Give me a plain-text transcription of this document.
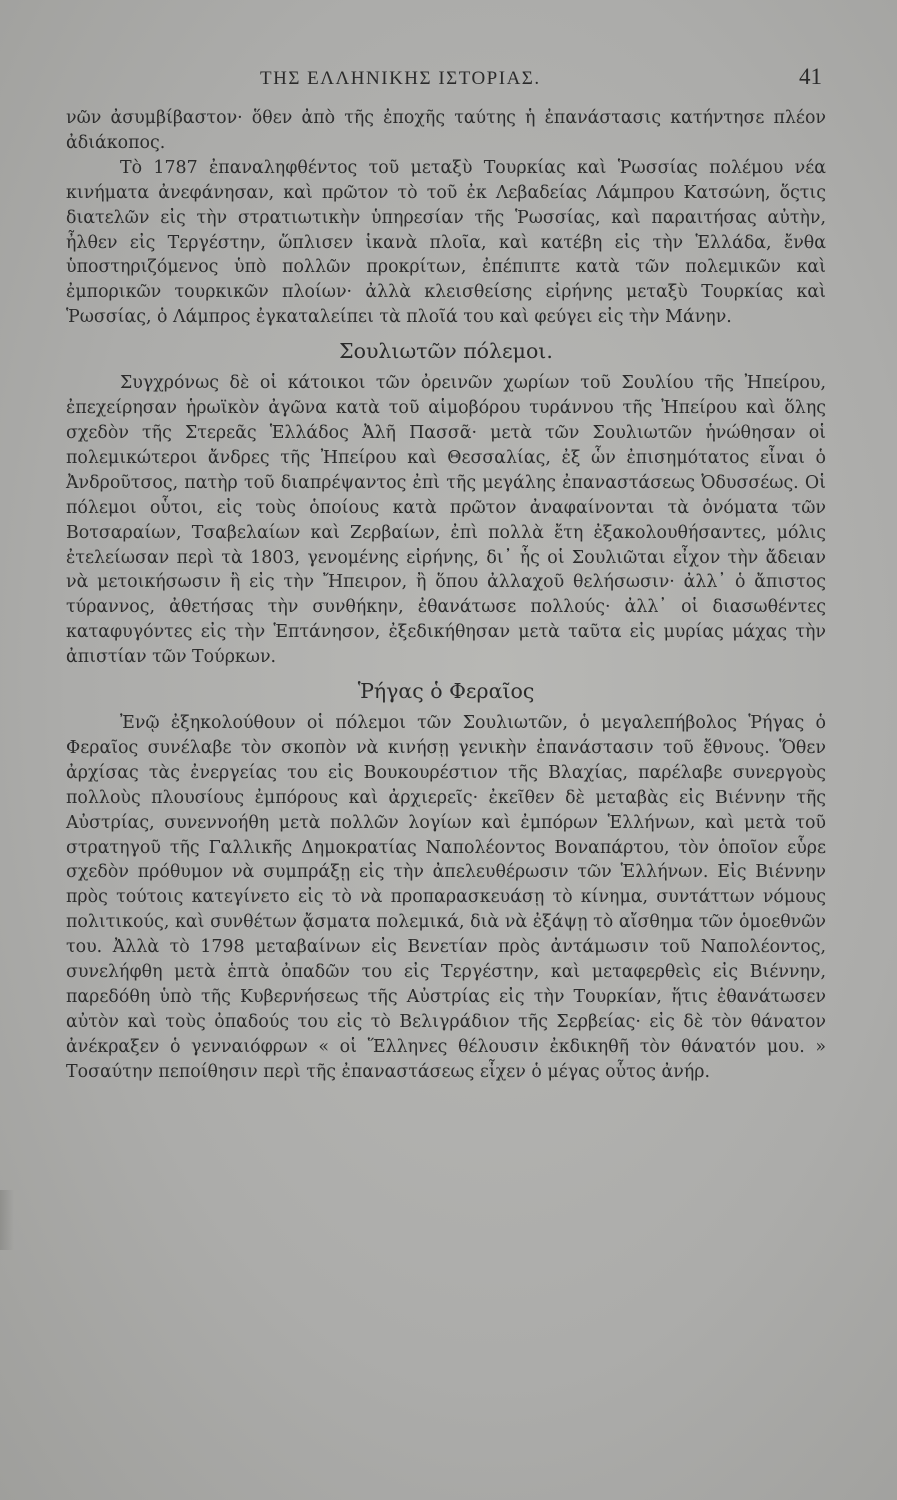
ΤΗΣ ΕΛΛΗΝΙΚΗΣ ΙΣΤΟΡΙΑΣ.	41

νῶν ἀσυμβίβαστον· ὅθεν ἀπὸ τῆς ἐποχῆς ταύτης ἡ ἐπανάστασις κατήντησε πλέον ἀδιάκοπος.

Τὸ 1787 ἐπαναληφθέντος τοῦ μεταξὺ Τουρκίας καὶ Ῥωσσίας πολέμου νέα κινήματα ἀνεφάνησαν, καὶ πρῶτον τὸ τοῦ ἐκ Λεβαδείας Λάμπρου Κατσώνη, ὅςτις διατελῶν εἰς τὴν στρατιωτικὴν ὑπηρεσίαν τῆς Ῥωσσίας, καὶ παραιτήσας αὐτὴν, ἦλθεν εἰς Τεργέστην, ὥπλισεν ἱκανὰ πλοῖα, καὶ κατέβη εἰς τὴν Ἑλλάδα, ἔνθα ὑποστηριζόμενος ὑπὸ πολλῶν προκρίτων, ἐπέπιπτε κατὰ τῶν πολεμικῶν καὶ ἐμπορικῶν τουρκικῶν πλοίων· ἀλλὰ κλεισθείσης εἰρήνης μεταξὺ Τουρκίας καὶ Ῥωσσίας, ὁ Λάμπρος ἐγκαταλείπει τὰ πλοῖά του καὶ φεύγει εἰς τὴν Μάνην.

Σουλιωτῶν πόλεμοι.

Συγχρόνως δὲ οἱ κάτοικοι τῶν ὀρεινῶν χωρίων τοῦ Σουλίου τῆς Ἠπείρου, ἐπεχείρησαν ἡρωϊκὸν ἀγῶνα κατὰ τοῦ αἱμοβόρου τυράννου τῆς Ἠπείρου καὶ ὅλης σχεδὸν τῆς Στερεᾶς Ἑλλάδος Ἀλῆ Πασσᾶ· μετὰ τῶν Σουλιωτῶν ἡνώθησαν οἱ πολεμικώτεροι ἄνδρες τῆς Ἠπείρου καὶ Θεσσαλίας, ἐξ ὧν ἐπισημότατος εἶναι ὁ Ἀνδροῦτσος, πατὴρ τοῦ διαπρέψαντος ἐπὶ τῆς μεγάλης ἐπαναστάσεως Ὀδυσσέως. Οἱ πόλεμοι οὗτοι, εἰς τοὺς ὁποίους κατὰ πρῶτον ἀναφαίνονται τὰ ὀνόματα τῶν Βοτσαραίων, Τσαβελαίων καὶ Ζερβαίων, ἐπὶ πολλὰ ἔτη ἐξακολουθήσαντες, μόλις ἐτελείωσαν περὶ τὰ 1803, γενομένης εἰρήνης, δι᾽ ἧς οἱ Σουλιῶται εἶχον τὴν ἄδειαν νὰ μετοικήσωσιν ἢ εἰς τὴν Ἤπειρον, ἢ ὅπου ἀλλαχοῦ θελήσωσιν· ἀλλ᾽ ὁ ἄπιστος τύραννος, ἀθετήσας τὴν συνθήκην, ἐθανάτωσε πολλούς· ἀλλ᾽ οἱ διασωθέντες καταφυγόντες εἰς τὴν Ἑπτάνησον, ἐξεδικήθησαν μετὰ ταῦτα εἰς μυρίας μάχας τὴν ἀπιστίαν τῶν Τούρκων.

Ῥήγας ὁ Φεραῖος

Ἐνῷ ἐξηκολούθουν οἱ πόλεμοι τῶν Σουλιωτῶν, ὁ μεγαλεπήβολος Ῥήγας ὁ Φεραῖος συνέλαβε τὸν σκοπὸν νὰ κινήσῃ γενικὴν ἐπανάστασιν τοῦ ἔθνους. Ὅθεν ἀρχίσας τὰς ἐνεργείας του εἰς Βουκουρέστιον τῆς Βλαχίας, παρέλαβε συνεργοὺς πολλοὺς πλουσίους ἐμπόρους καὶ ἀρχιερεῖς· ἐκεῖθεν δὲ μεταβὰς εἰς Βιέννην τῆς Αὐστρίας, συνεννοήθη μετὰ πολλῶν λογίων καὶ ἐμπόρων Ἑλλήνων, καὶ μετὰ τοῦ στρατηγοῦ τῆς Γαλλικῆς Δημοκρατίας Ναπολέοντος Βοναπάρτου, τὸν ὁποῖον εὗρε σχεδὸν πρόθυμον νὰ συμπράξῃ εἰς τὴν ἀπελευθέρωσιν τῶν Ἑλλήνων. Εἰς Βιέννην πρὸς τούτοις κατεγίνετο εἰς τὸ νὰ προπαρασκευάσῃ τὸ κίνημα, συντάττων νόμους πολιτικούς, καὶ συνθέτων ᾄσματα πολεμικά, διὰ νὰ ἐξάψῃ τὸ αἴσθημα τῶν ὁμοεθνῶν του. Ἀλλὰ τὸ 1798 μεταβαίνων εἰς Βενετίαν πρὸς ἀντάμωσιν τοῦ Ναπολέοντος, συνελήφθη μετὰ ἑπτὰ ὀπαδῶν του εἰς Τεργέστην, καὶ μεταφερθεὶς εἰς Βιέννην, παρεδόθη ὑπὸ τῆς Κυβερνήσεως τῆς Αὐστρίας εἰς τὴν Τουρκίαν, ἥτις ἐθανάτωσεν αὐτὸν καὶ τοὺς ὀπαδούς του εἰς τὸ Βελιγράδιον τῆς Σερβείας· εἰς δὲ τὸν θάνατον ἀνέκραξεν ὁ γενναιόφρων « οἱ Ἕλληνες θέλουσιν ἐκδικηθῆ τὸν θάνατόν μου. » Τοσαύτην πεποίθησιν περὶ τῆς ἐπαναστάσεως εἶχεν ὁ μέγας οὗτος ἀνήρ.
